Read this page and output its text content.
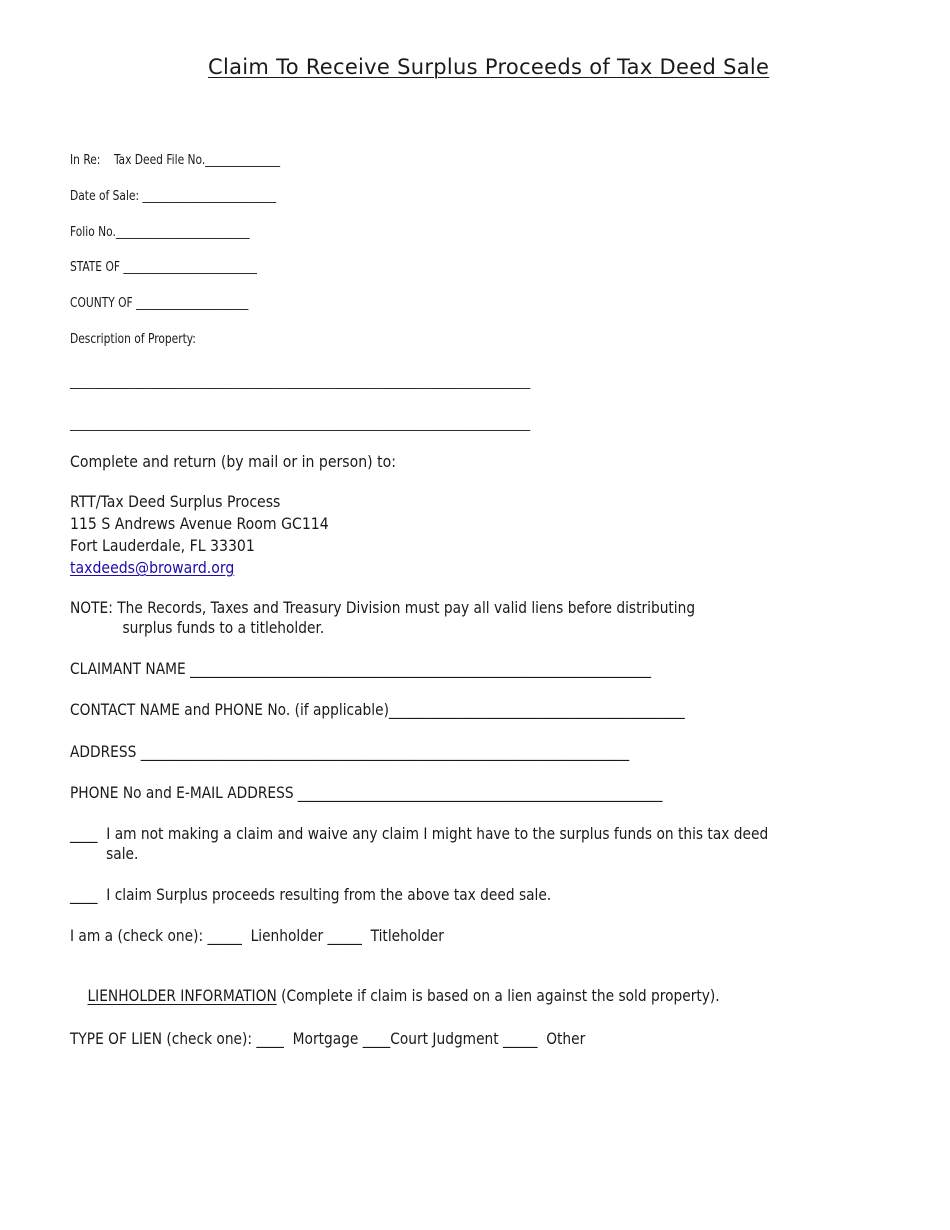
Claim To Receive Surplus Proceeds of Tax Deed Sale
In Re:    Tax Deed File No.______________
Date of Sale: _________________________
Folio No._________________________
STATE OF _________________________
COUNTY OF _____________________
Description of Property:
_____________________________________________________________________________________________
_____________________________________________________________________________________________
Complete and return (by mail or in person) to:
RTT/Tax Deed Surplus Process
115 S Andrews Avenue Room GC114
Fort Lauderdale, FL 33301
taxdeeds@broward.org
NOTE: The Records, Taxes and Treasury Division must pay all valid liens before distributing
surplus funds to a titleholder.
CLAIMANT NAME ___________________________________________________________________
CONTACT NAME and PHONE No. (if applicable)___________________________________________
ADDRESS _______________________________________________________________________
PHONE No and E-MAIL ADDRESS _____________________________________________________
____  I am not making a claim and waive any claim I might have to the surplus funds on this tax deed
sale.
____  I claim Surplus proceeds resulting from the above tax deed sale.
I am a (check one): _____  Lienholder _____  Titleholder

LIENHOLDER INFORMATION (Complete if claim is based on a lien against the sold property).

TYPE OF LIEN (check one): ____  Mortgage ____Court Judgment _____  Other
